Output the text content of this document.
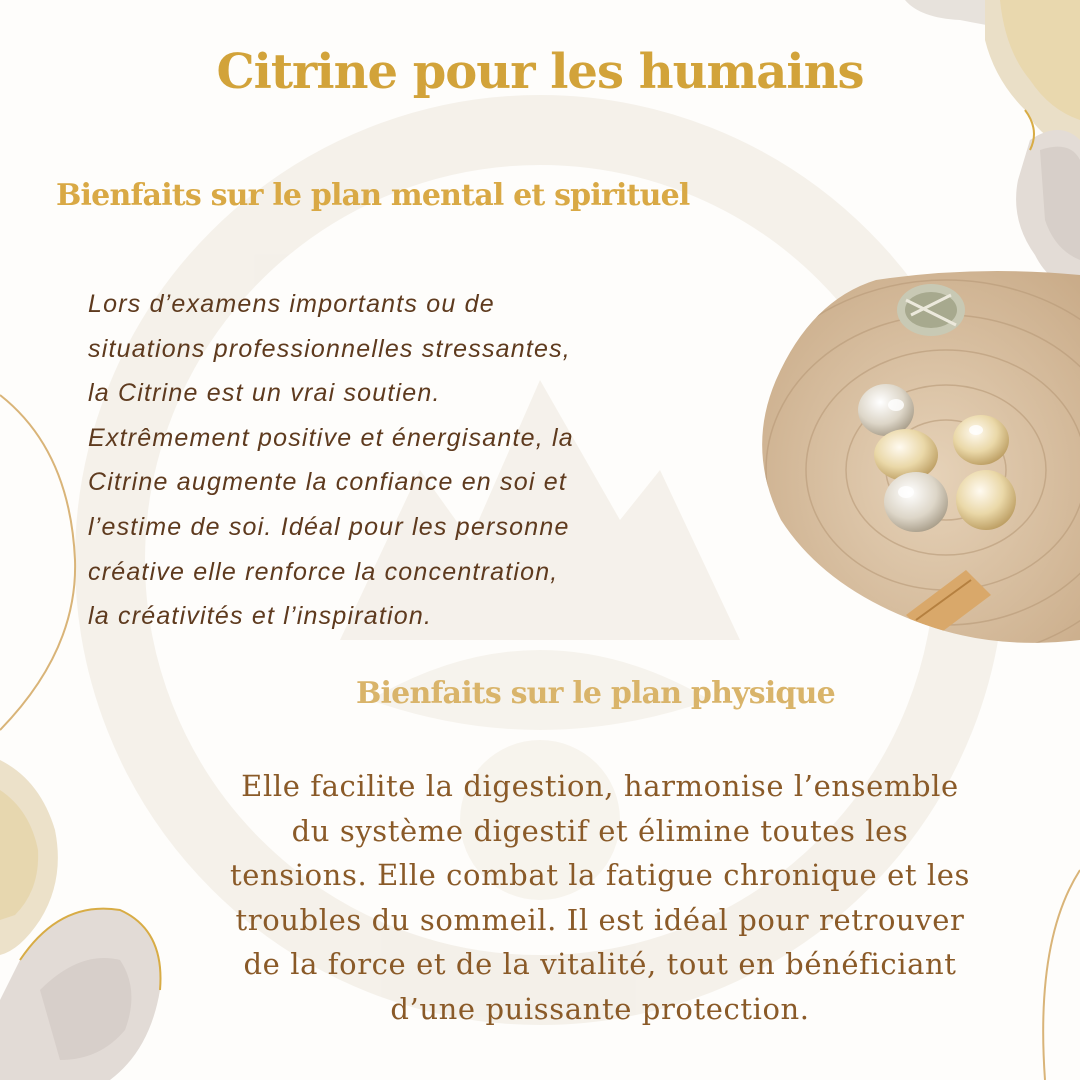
Citrine pour les humains
Bienfaits sur le plan mental et spirituel

Lors d’examens importants ou de
situations professionnelles stressantes,
la Citrine est un vrai soutien.
Extrêmement positive et énergisante, la
Citrine augmente la confiance en soi et
l’estime de soi. Idéal pour les personne
créative elle renforce la concentration,
la créativités et l’inspiration.

Bienfaits sur le plan physique

Elle facilite la digestion, harmonise l’ensemble
du système digestif et élimine toutes les
tensions. Elle combat la fatigue chronique et les
troubles du sommeil. Il est idéal pour retrouver
de la force et de la vitalité, tout en bénéficiant
d’une puissante protection.
